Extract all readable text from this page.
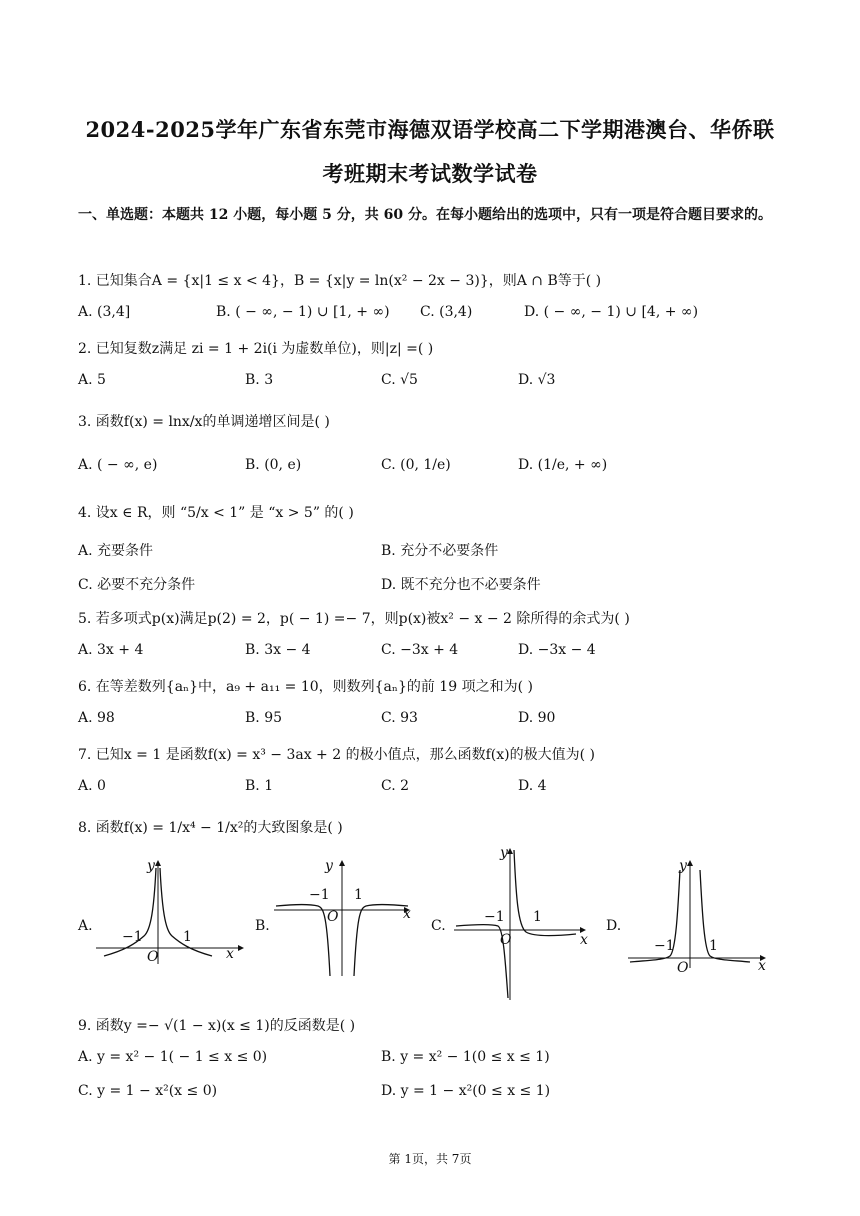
2024-2025学年广东省东莞市海德双语学校高二下学期港澳台、华侨联
考班期末考试数学试卷
一、单选题：本题共 12 小题，每小题 5 分，共 60 分。在每小题给出的选项中，只有一项是符合题目要求的。
1. 已知集合A = {x|1 ≤ x < 4}，B = {x|y = ln(x² − 2x − 3)}，则A ∩ B等于( )
A. (3,4]	B. ( − ∞, − 1) ∪ [1, + ∞) C. (3,4)	D. ( − ∞, − 1) ∪ [4, + ∞)
2. 已知复数z满足 zi = 1 + 2i(i 为虚数单位)，则|z| =( )
A. 5	B. 3	C. √5	D. √3
3. 函数f(x) = lnx/x的单调递增区间是( )
A. ( − ∞, e)	B. (0, e)	C. (0, 1/e)	D. (1/e, + ∞)
4. 设x ∈ R，则 “5/x < 1” 是 “x > 5” 的( )
A. 充要条件	B. 充分不必要条件
C. 必要不充分条件	D. 既不充分也不必要条件
5. 若多项式p(x)满足p(2) = 2，p( − 1) =− 7，则p(x)被x² − x − 2 除所得的余式为( )
A. 3x + 4	B. 3x − 4	C. −3x + 4	D. −3x − 4
6. 在等差数列{aₙ}中，a₉ + a₁₁ = 10，则数列{aₙ}的前 19 项之和为( )
A. 98	B. 95	C. 93	D. 90
7. 已知x = 1 是函数f(x) = x³ − 3ax + 2 的极小值点，那么函数f(x)的极大值为( )
A. 0	B. 1	C. 2	D. 4
8. 函数f(x) = 1/x⁴ − 1/x²的大致图象是( )
A.
y
x
O
−1	1
B.
y
x
O
−1 1
C.
y
x
O
−1 1
D.
y
x
O
−1 1
9. 函数y =− √(1 − x)(x ≤ 1)的反函数是( )
A. y = x² − 1( − 1 ≤ x ≤ 0)	B. y = x² − 1(0 ≤ x ≤ 1)
C. y = 1 − x²(x ≤ 0)	D. y = 1 − x²(0 ≤ x ≤ 1)
第 1页，共 7页
